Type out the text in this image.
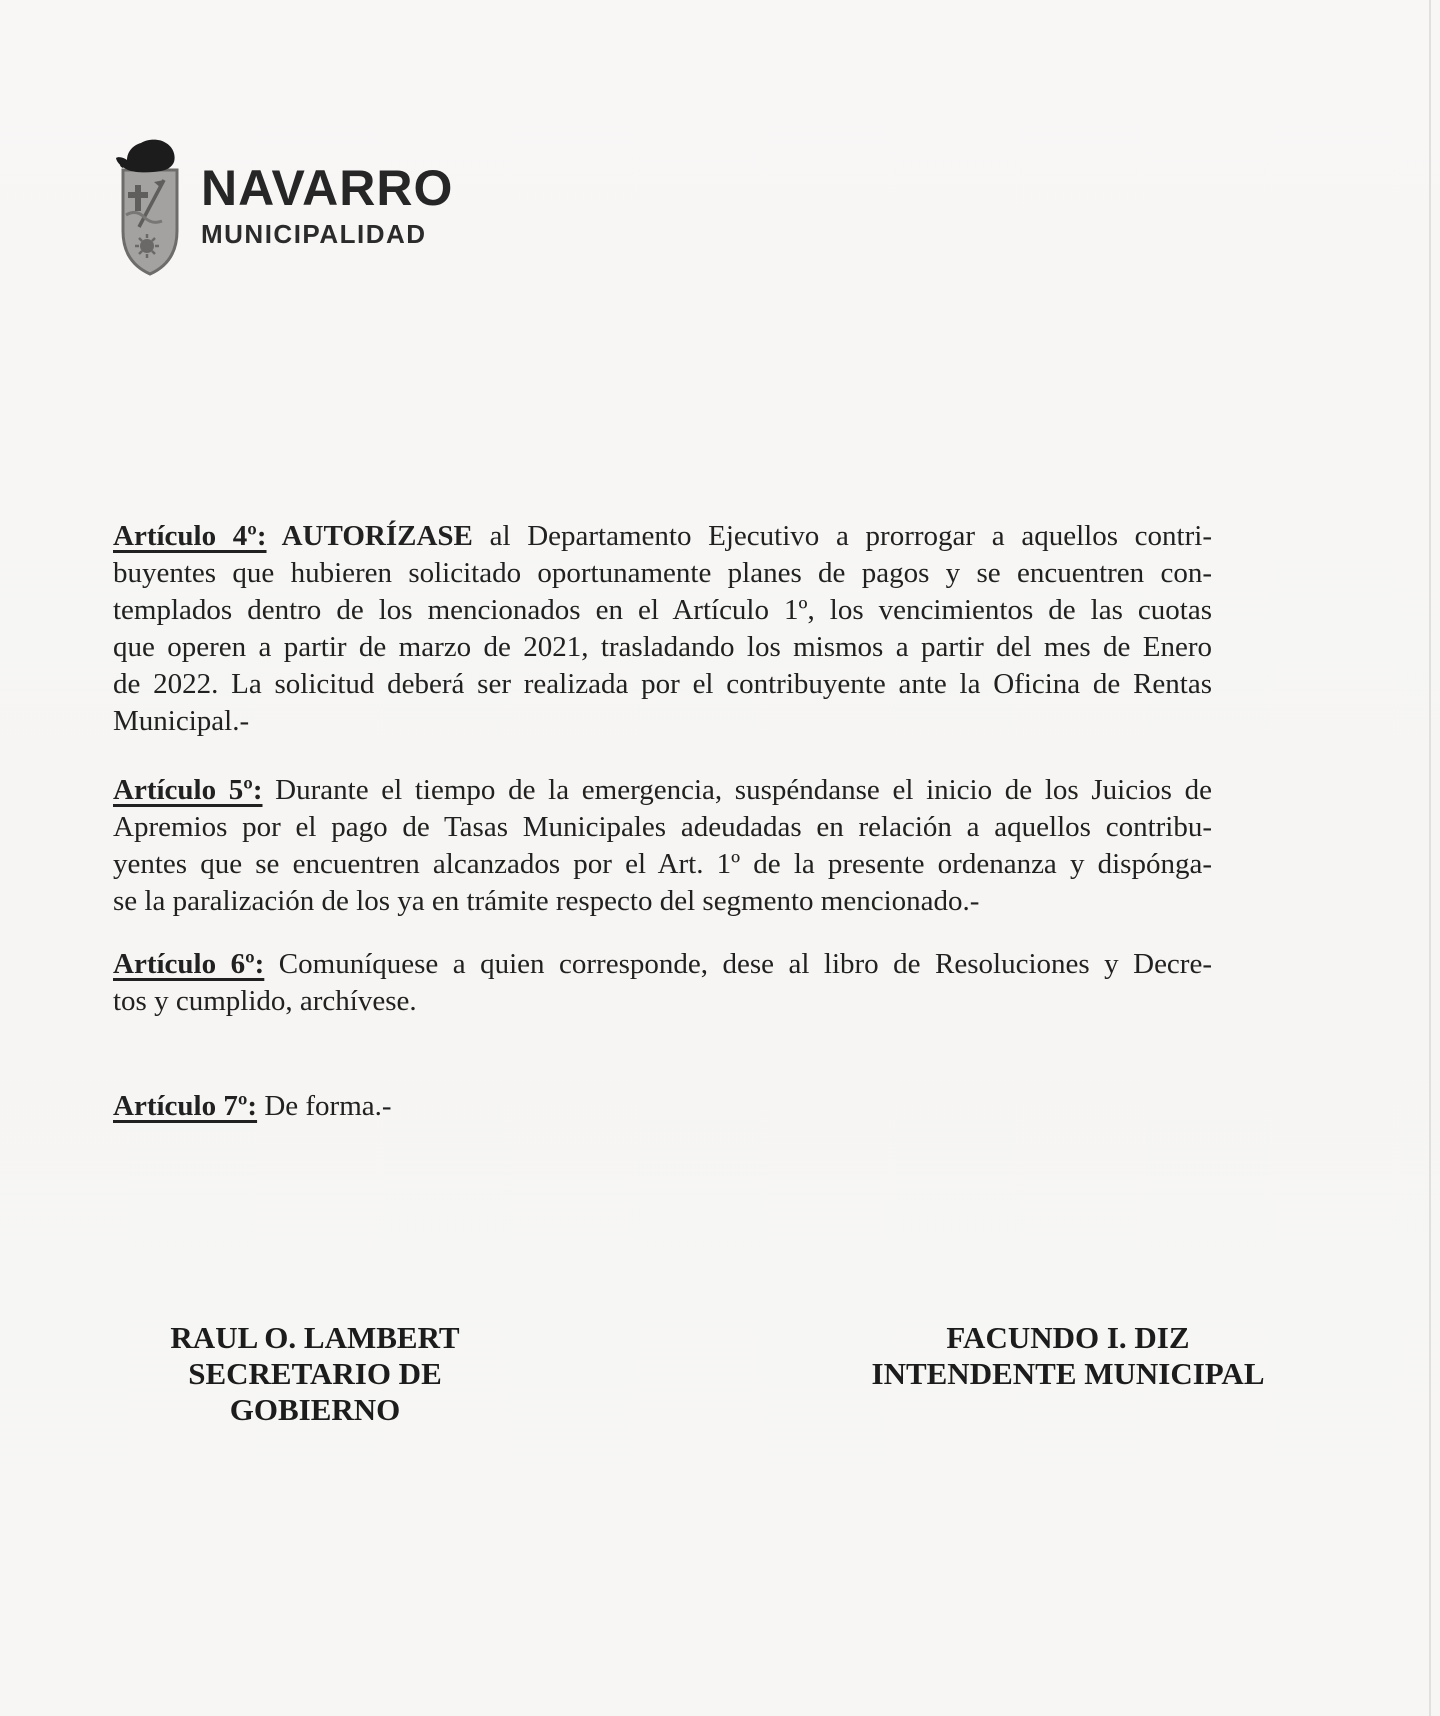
NAVARRO
MUNICIPALIDAD
Artículo 4º: AUTORÍZASE al Departamento Ejecutivo a prorrogar a aquellos contri-
buyentes que hubieren solicitado oportunamente planes de pagos y se encuentren con-
templados dentro de los mencionados en el Artículo 1º, los vencimientos de las cuotas
que operen a partir de marzo de 2021, trasladando los mismos a partir del mes de Enero
de 2022. La solicitud deberá ser realizada por el contribuyente ante la Oficina de Rentas
Municipal.-
Artículo 5º: Durante el tiempo de la emergencia, suspéndanse el inicio de los Juicios de
Apremios por el pago de Tasas Municipales adeudadas en relación a aquellos contribu-
yentes que se encuentren alcanzados por el Art. 1º de la presente ordenanza y dispónga-
se la paralización de los ya en trámite respecto del segmento mencionado.-
Artículo 6º: Comuníquese a quien corresponde, dese al libro de Resoluciones y Decre-
tos y cumplido, archívese.
Artículo 7º: De forma.-
RAUL O. LAMBERT
SECRETARIO DE GOBIERNO
FACUNDO I. DIZ
INTENDENTE MUNICIPAL
